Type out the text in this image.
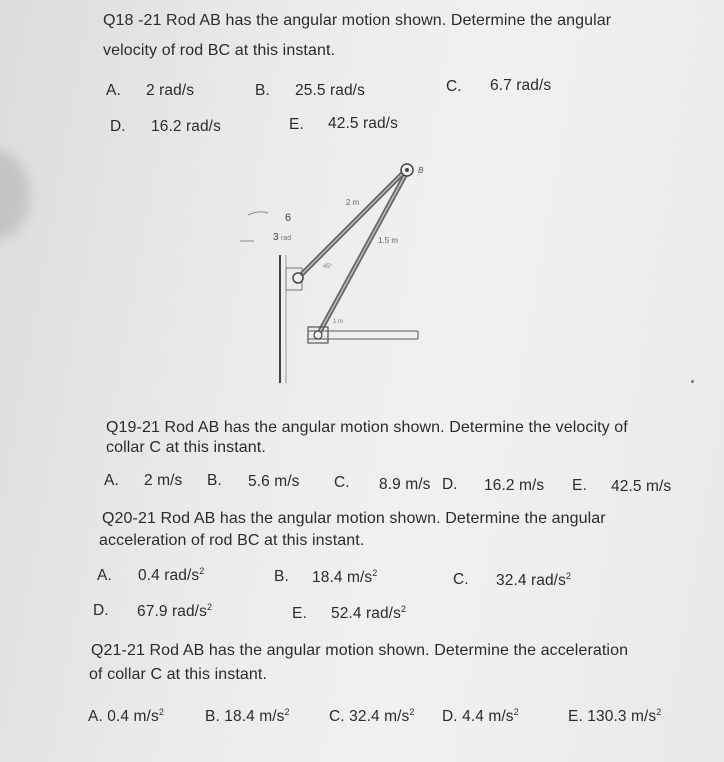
Q18 -21 Rod AB has the angular motion shown. Determine the angular
velocity of rod BC at this instant.
A. 2 rad/s	B. 25.5 rad/s	C. 6.7 rad/s
D. 16.2 rad/s	E. 42.5 rad/s
B
2 m
1.5 m
6
3 rad
45°
1 m
Q19-21 Rod AB has the angular motion shown. Determine the velocity of
collar C at this instant.
A. 2 m/s B. 5.6 m/s C. 8.9 m/s D. 16.2 m/s E. 42.5 m/s
Q20-21 Rod AB has the angular motion shown. Determine the angular
acceleration of rod BC at this instant.
A. 0.4 rad/$s^2$	B. 18.4 $m/s^2$	C. 32.4 rad/$s^2$
D. 67.9 rad/$s^2$	E. 52.4 rad/$s^2$
Q21-21 Rod AB has the angular motion shown. Determine the acceleration
of collar C at this instant.
A. 0.4 $m/s^2$	B. 18.4 $m/s^2$	C. 32.4 $m/s^2$ D. 4.4 $m/s^2$	E. 130.3 $m/s^2$
